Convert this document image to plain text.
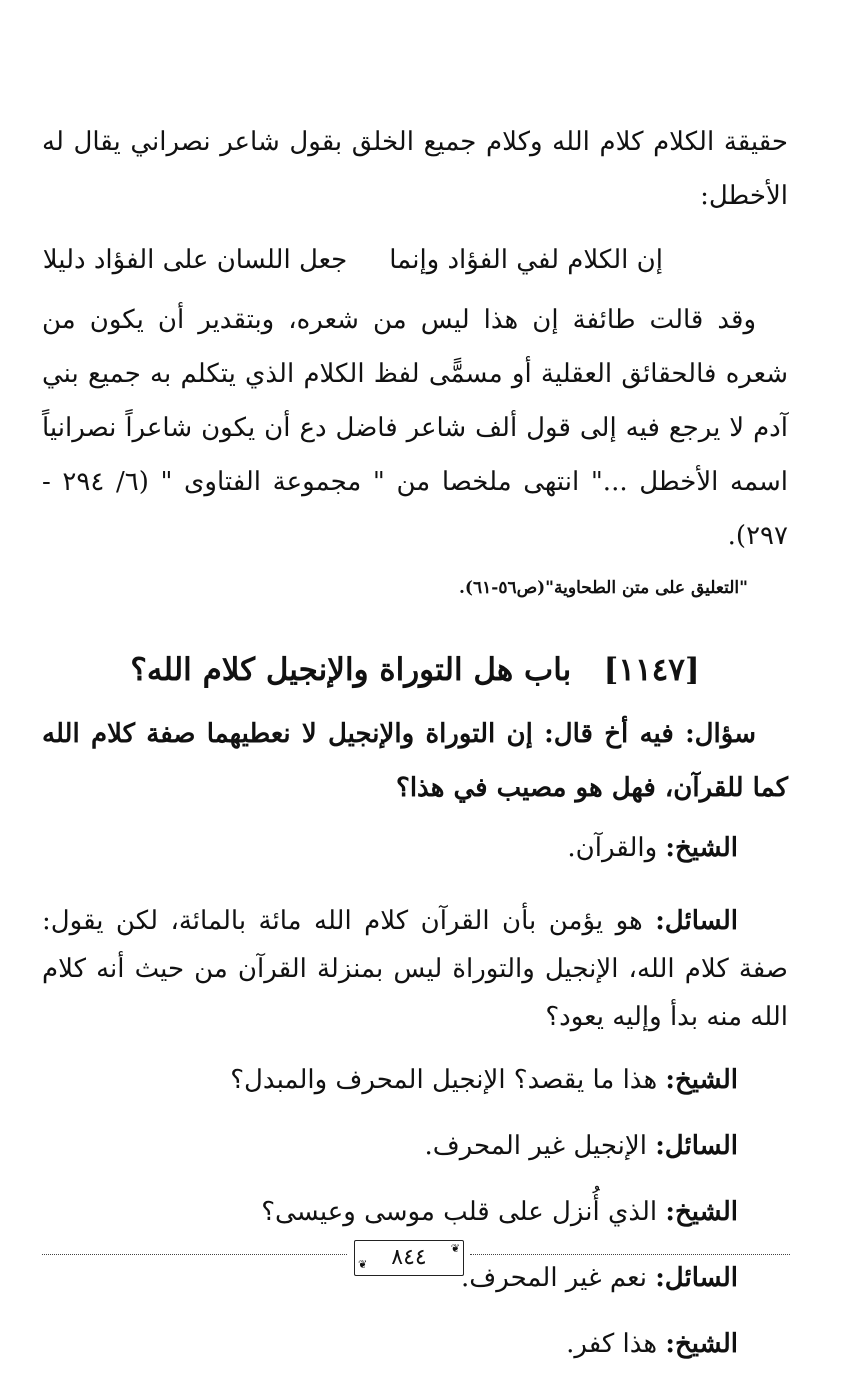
حقيقة الكلام كلام الله وكلام جميع الخلق بقول شاعر نصراني يقال له الأخطل:

إن الكلام لفي الفؤاد وإنما
جعل اللسان على الفؤاد دليلا

وقد قالت طائفة إن هذا ليس من شعره، وبتقدير أن يكون من شعره فالحقائق العقلية أو مسمًّى لفظ الكلام الذي يتكلم به جميع بني آدم لا يرجع فيه إلى قول ألف شاعر فاضل دع أن يكون شاعراً نصرانياً اسمه الأخطل ..." انتهى ملخصا من " مجموعة الفتاوى " (٦/ ٢٩٤ - ٢٩٧).

"التعليق على متن الطحاوية"(ص٥٦-٦١).

[١١٤٧]   باب هل التوراة والإنجيل كلام الله؟

سؤال: فيه أخ قال: إن التوراة والإنجيل لا نعطيهما صفة كلام الله كما للقرآن، فهل هو مصيب في هذا؟

الشيخ: والقرآن.

السائل: هو يؤمن بأن القرآن كلام الله مائة بالمائة، لكن يقول: صفة كلام الله، الإنجيل والتوراة ليس بمنزلة القرآن من حيث أنه كلام الله منه بدأ وإليه يعود؟

الشيخ: هذا ما يقصد؟ الإنجيل المحرف والمبدل؟

السائل: الإنجيل غير المحرف.

الشيخ: الذي أُنزل على قلب موسى وعيسى؟

السائل: نعم غير المحرف.

الشيخ: هذا كفر.

❦
٨٤٤
❦
